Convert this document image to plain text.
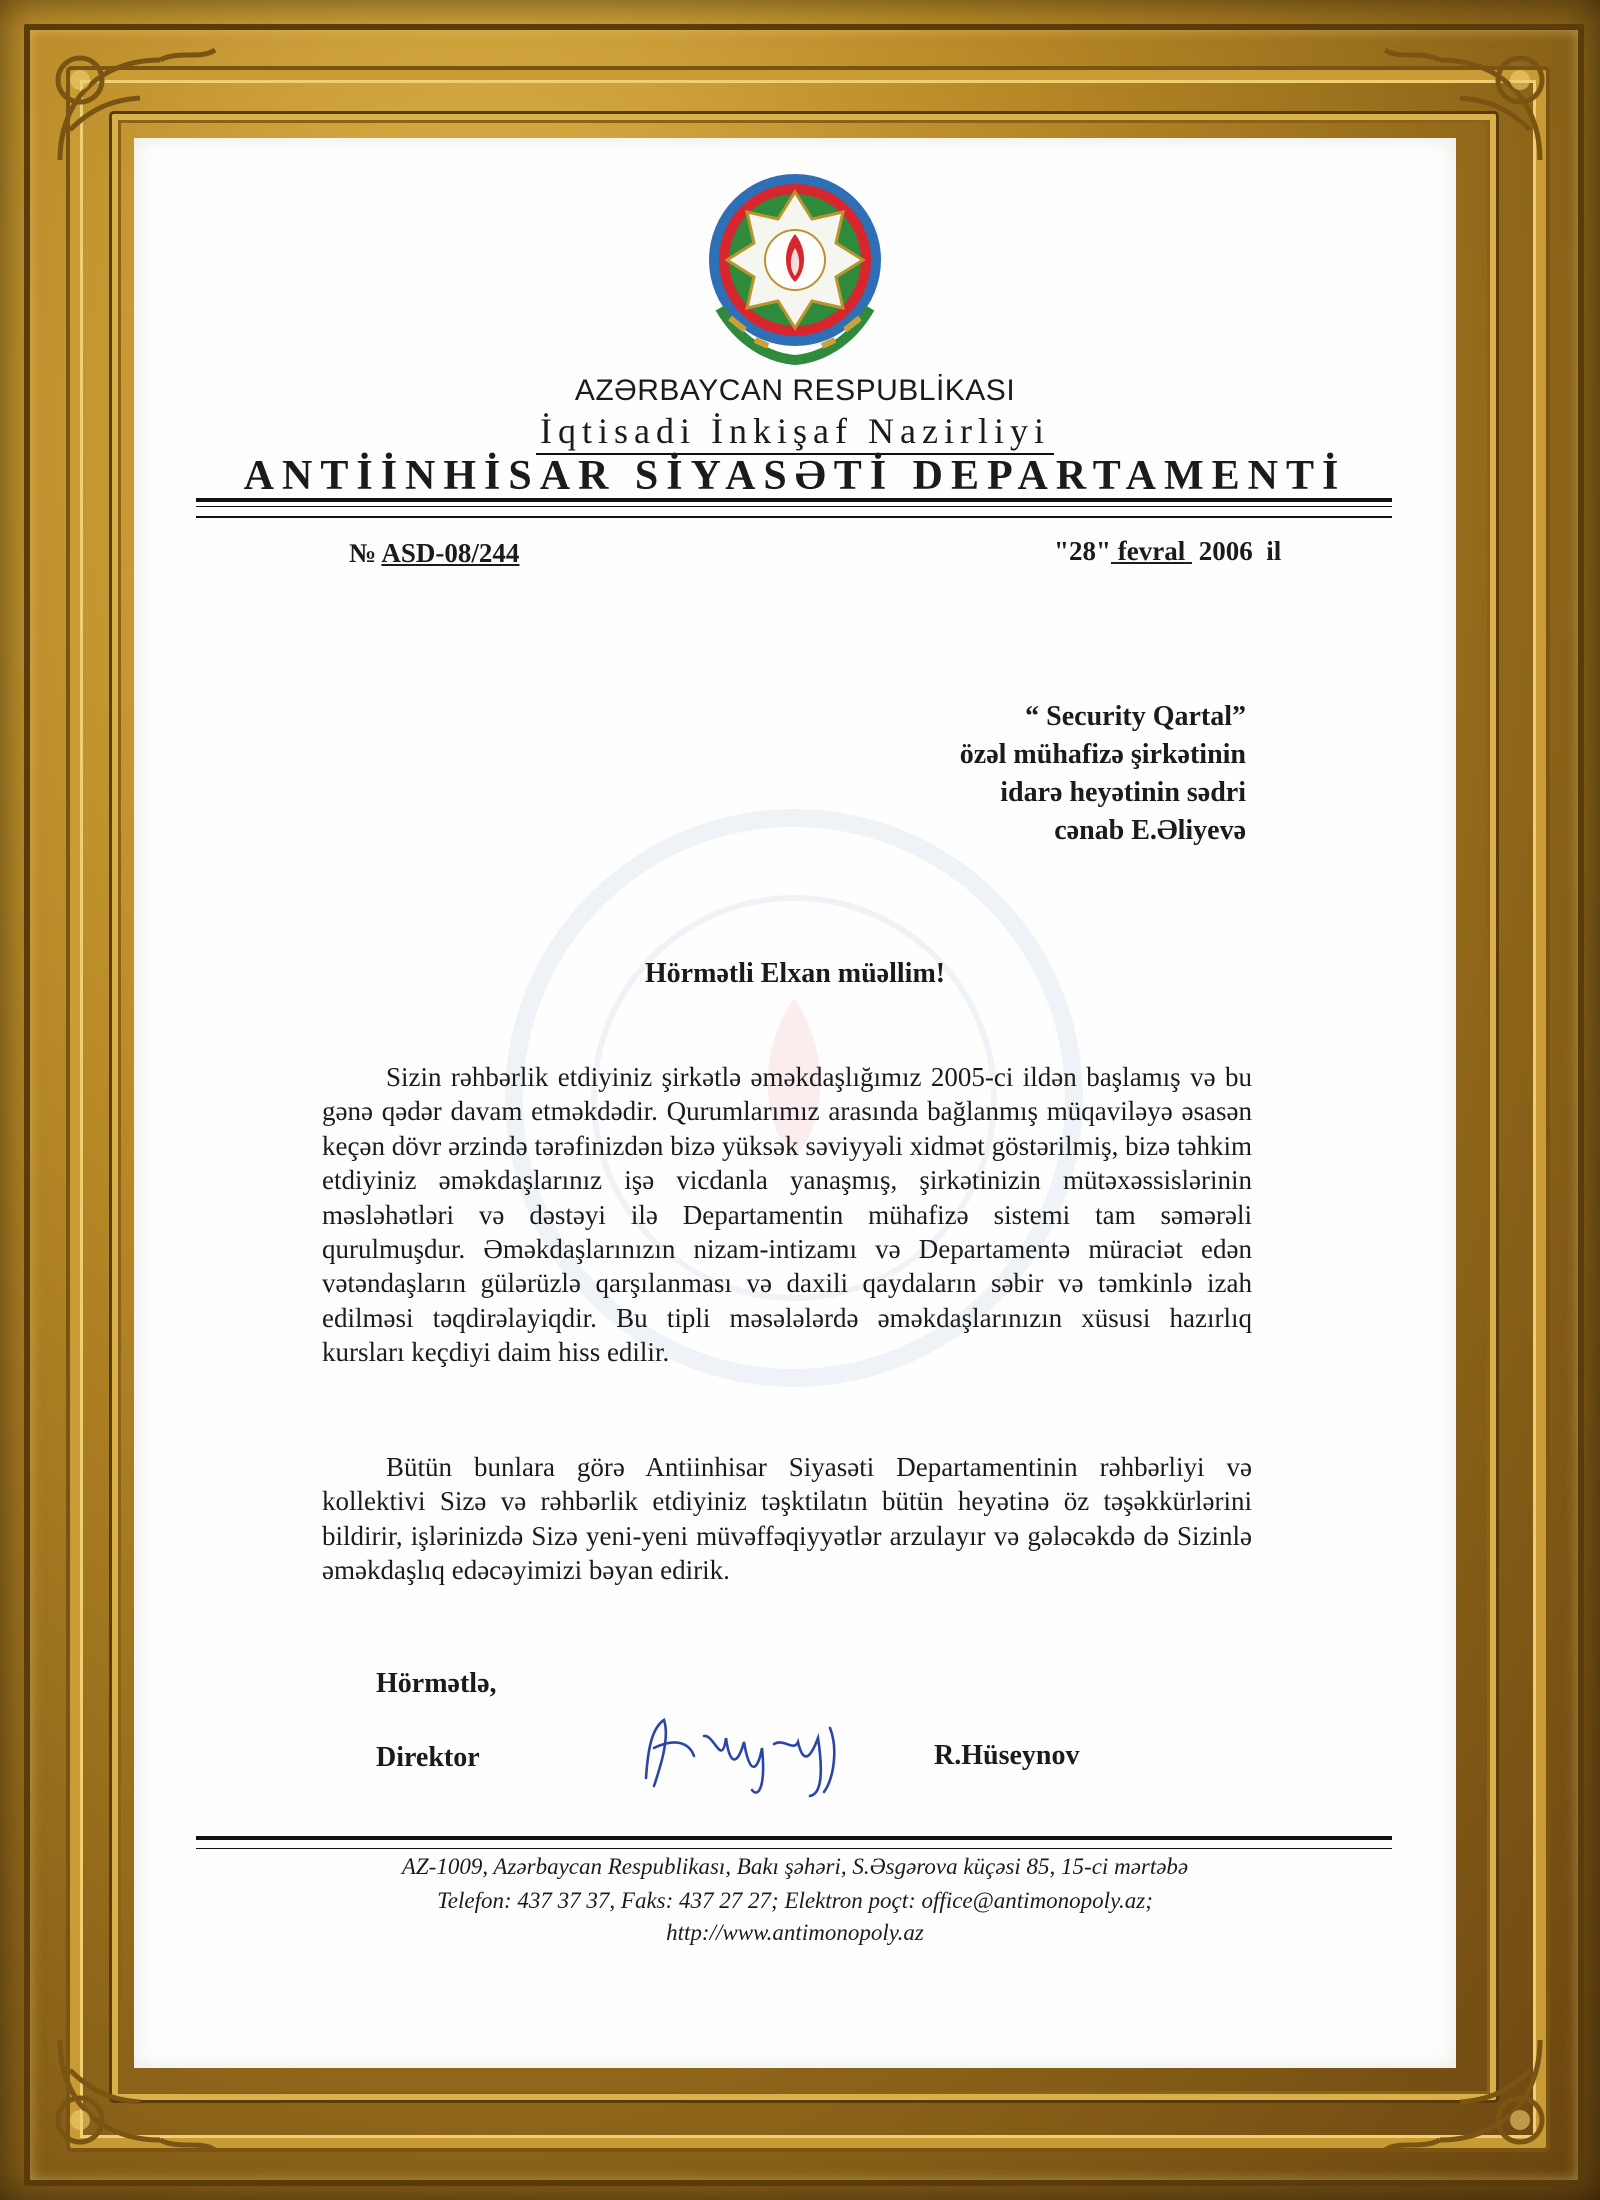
AZƏRBAYCAN RESPUBLİKASI
İqtisadi İnkişaf Nazirliyi
ANTİİNHİSAR SİYASƏTİ DEPARTAMENTİ
№ ASD-08/244	"28" fevral 2006  il
“ Security Qartal”
özəl mühafizə şirkətinin
idarə heyətinin sədri
cənab E.Əliyevə
Hörmətli Elxan müəllim!
Sizin rəhbərlik etdiyiniz şirkətlə əməkdaşlığımız 2005-ci ildən başlamış və bu gənə qədər davam etməkdədir. Qurumlarımız arasında bağlanmış müqaviləyə əsasən keçən dövr ərzində tərəfinizdən bizə yüksək səviyyəli xidmət göstərilmiş, bizə təhkim etdiyiniz əməkdaşlarınız işə vicdanla yanaşmış, şirkətinizin mütəxəssislərinin məsləhətləri və dəstəyi ilə Departamentin mühafizə sistemi tam səmərəli qurulmuşdur. Əməkdaşlarınızın nizam-intizamı və Departamentə müraciət edən vətəndaşların gülərüzlə qarşılanması və daxili qaydaların səbir və təmkinlə izah edilməsi təqdirəlayiqdir. Bu tipli məsələlərdə əməkdaşlarınızın xüsusi hazırlıq kursları keçdiyi daim hiss edilir.
Bütün bunlara görə Antiinhisar Siyasəti Departamentinin rəhbərliyi və kollektivi Sizə və rəhbərlik etdiyiniz təşktilatın bütün heyətinə öz təşəkkürlərini bildirir, işlərinizdə Sizə yeni-yeni müvəffəqiyyətlər arzulayır və gələcəkdə də Sizinlə əməkdaşlıq edəcəyimizi bəyan edirik.
Hörmətlə,
Direktor	R.Hüseynov
AZ-1009, Azərbaycan Respublikası, Bakı şəhəri, S.Əsgərova küçəsi 85, 15-ci mərtəbə
Telefon: 437 37 37, Faks: 437 27 27; Elektron poçt: office@antimonopoly.az;
http://www.antimonopoly.az
